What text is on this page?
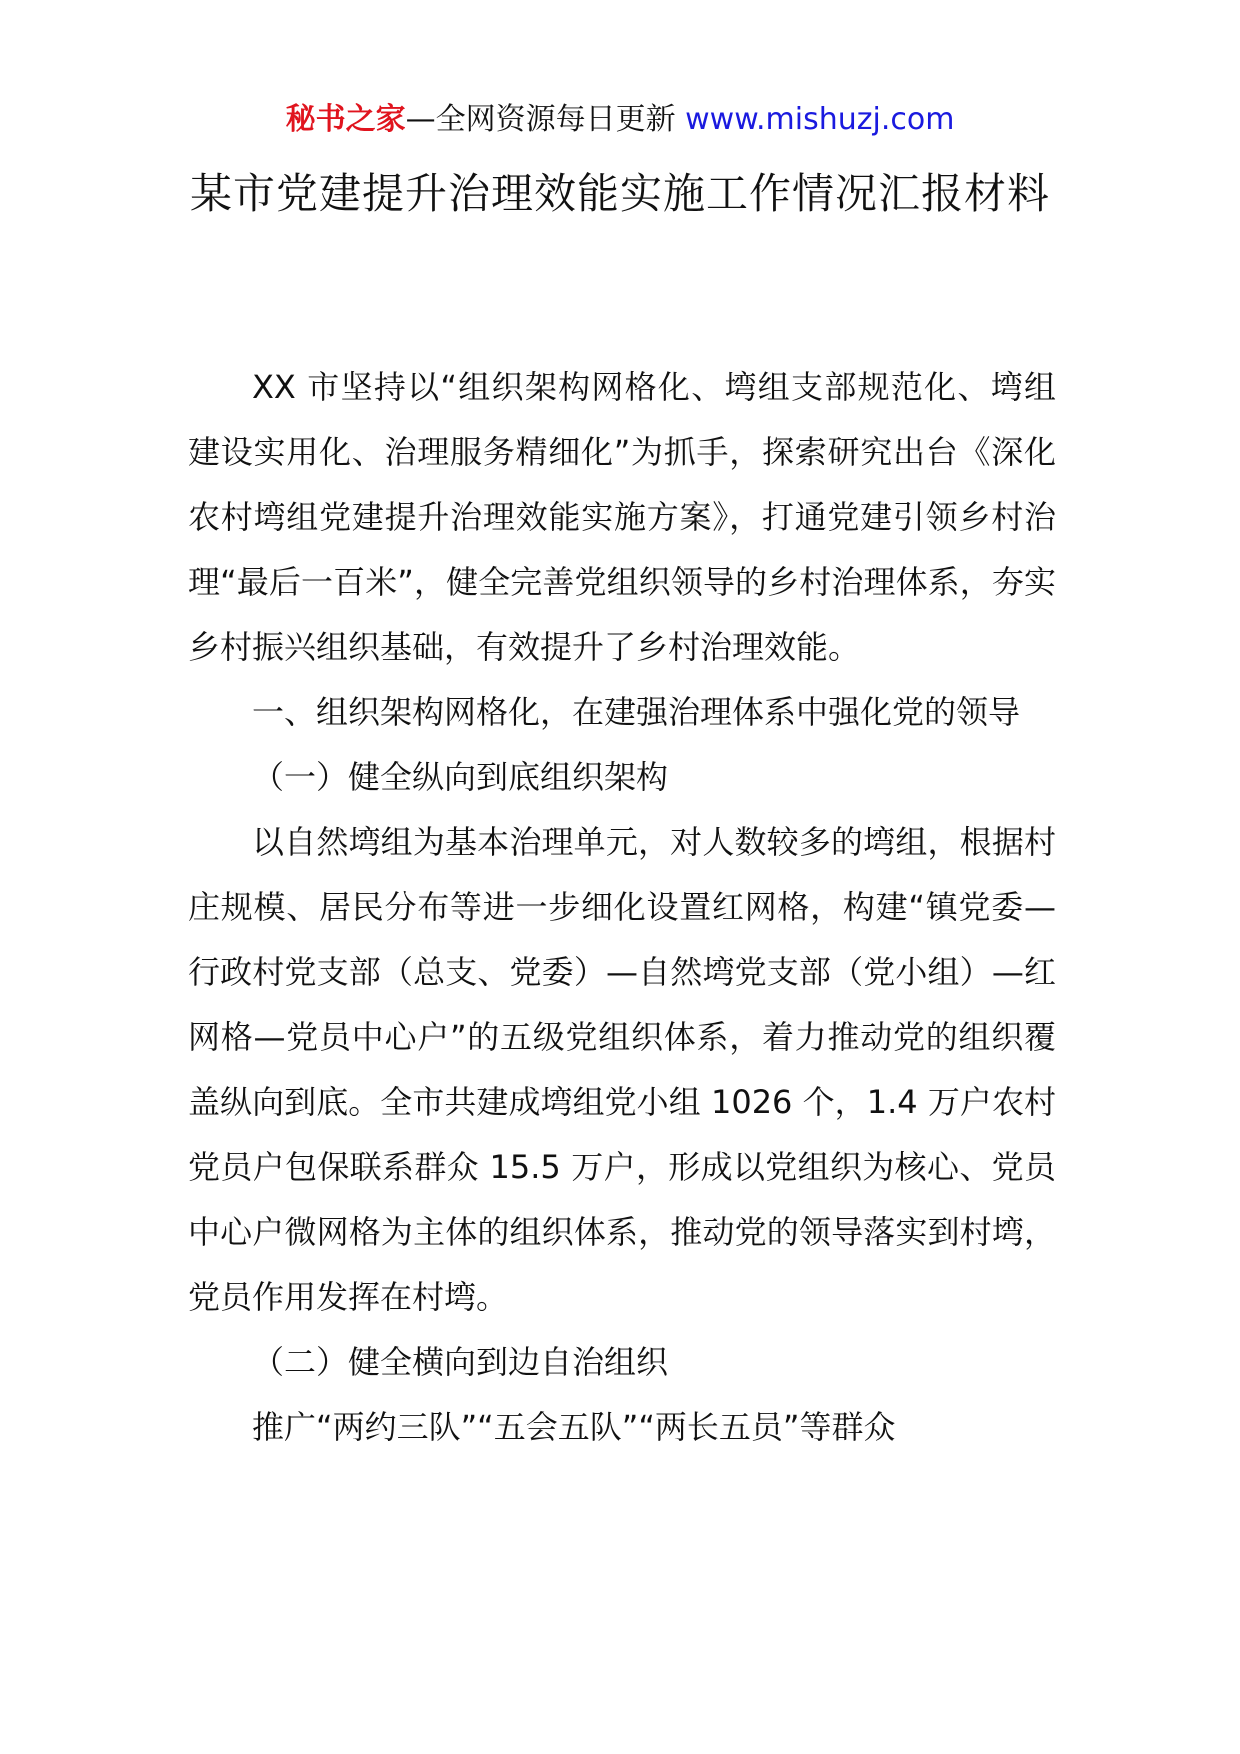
秘书之家—全网资源每日更新 www.mishuzj.com
某市党建提升治理效能实施工作情况汇报材料

XX 市坚持以“组织架构网格化、塆组支部规范化、塆组建设实用化、治理服务精细化”为抓手，探索研究出台《深化农村塆组党建提升治理效能实施方案》，打通党建引领乡村治理“最后一百米”，健全完善党组织领导的乡村治理体系，夯实乡村振兴组织基础，有效提升了乡村治理效能。

一、组织架构网格化，在建强治理体系中强化党的领导

（一）健全纵向到底组织架构

以自然塆组为基本治理单元，对人数较多的塆组，根据村庄规模、居民分布等进一步细化设置红网格，构建“镇党委—行政村党支部（总支、党委）—自然塆党支部（党小组）—红网格—党员中心户”的五级党组织体系，着力推动党的组织覆盖纵向到底。全市共建成塆组党小组 1026 个，1.4 万户农村党员户包保联系群众 15.5 万户，形成以党组织为核心、党员中心户微网格为主体的组织体系，推动党的领导落实到村塆，党员作用发挥在村塆。

（二）健全横向到边自治组织

推广“两约三队”“五会五队”“两长五员”等群众
